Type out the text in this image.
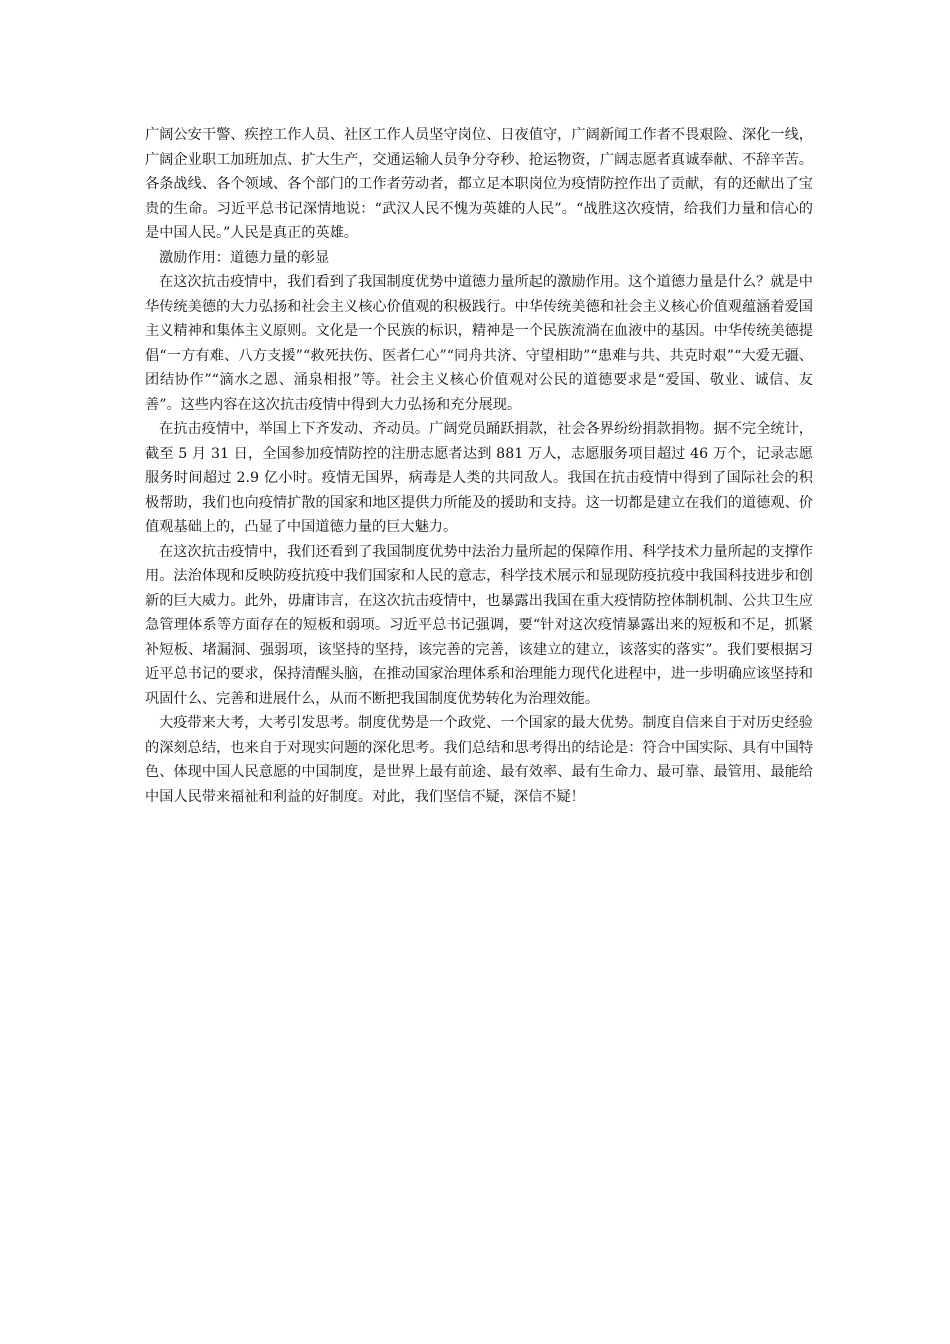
广阔公安干警、疾控工作人员、社区工作人员坚守岗位、日夜值守，广阔新闻工作者不畏艰险、深化一线，广阔企业职工加班加点、扩大生产，交通运输人员争分夺秒、抢运物资，广阔志愿者真诚奉献、不辞辛苦。各条战线、各个领域、各个部门的工作者劳动者，都立足本职岗位为疫情防控作出了贡献，有的还献出了宝贵的生命。习近平总书记深情地说：“武汉人民不愧为英雄的人民”。“战胜这次疫情，给我们力量和信心的是中国人民。”人民是真正的英雄。

激励作用：道德力量的彰显

在这次抗击疫情中，我们看到了我国制度优势中道德力量所起的激励作用。这个道德力量是什么？就是中华传统美德的大力弘扬和社会主义核心价值观的积极践行。中华传统美德和社会主义核心价值观蕴涵着爱国主义精神和集体主义原则。文化是一个民族的标识，精神是一个民族流淌在血液中的基因。中华传统美德提倡“一方有难、八方支援”“救死扶伤、医者仁心”“同舟共济、守望相助”“患难与共、共克时艰”“大爱无疆、团结协作”“滴水之恩、涌泉相报”等。社会主义核心价值观对公民的道德要求是“爱国、敬业、诚信、友善”。这些内容在这次抗击疫情中得到大力弘扬和充分展现。

在抗击疫情中，举国上下齐发动、齐动员。广阔党员踊跃捐款，社会各界纷纷捐款捐物。据不完全统计，截至 5 月 31 日，全国参加疫情防控的注册志愿者达到 881 万人，志愿服务项目超过 46 万个，记录志愿服务时间超过 2.9 亿小时。疫情无国界，病毒是人类的共同敌人。我国在抗击疫情中得到了国际社会的积极帮助，我们也向疫情扩散的国家和地区提供力所能及的援助和支持。这一切都是建立在我们的道德观、价值观基础上的，凸显了中国道德力量的巨大魅力。

在这次抗击疫情中，我们还看到了我国制度优势中法治力量所起的保障作用、科学技术力量所起的支撑作用。法治体现和反映防疫抗疫中我们国家和人民的意志，科学技术展示和显现防疫抗疫中我国科技进步和创新的巨大威力。此外，毋庸讳言，在这次抗击疫情中，也暴露出我国在重大疫情防控体制机制、公共卫生应急管理体系等方面存在的短板和弱项。习近平总书记强调，要“针对这次疫情暴露出来的短板和不足，抓紧补短板、堵漏洞、强弱项，该坚持的坚持，该完善的完善，该建立的建立，该落实的落实”。我们要根据习近平总书记的要求，保持清醒头脑，在推动国家治理体系和治理能力现代化进程中，进一步明确应该坚持和巩固什么、完善和进展什么，从而不断把我国制度优势转化为治理效能。

大疫带来大考，大考引发思考。制度优势是一个政党、一个国家的最大优势。制度自信来自于对历史经验的深刻总结，也来自于对现实问题的深化思考。我们总结和思考得出的结论是：符合中国实际、具有中国特色、体现中国人民意愿的中国制度，是世界上最有前途、最有效率、最有生命力、最可靠、最管用、最能给中国人民带来福祉和利益的好制度。对此，我们坚信不疑，深信不疑！
